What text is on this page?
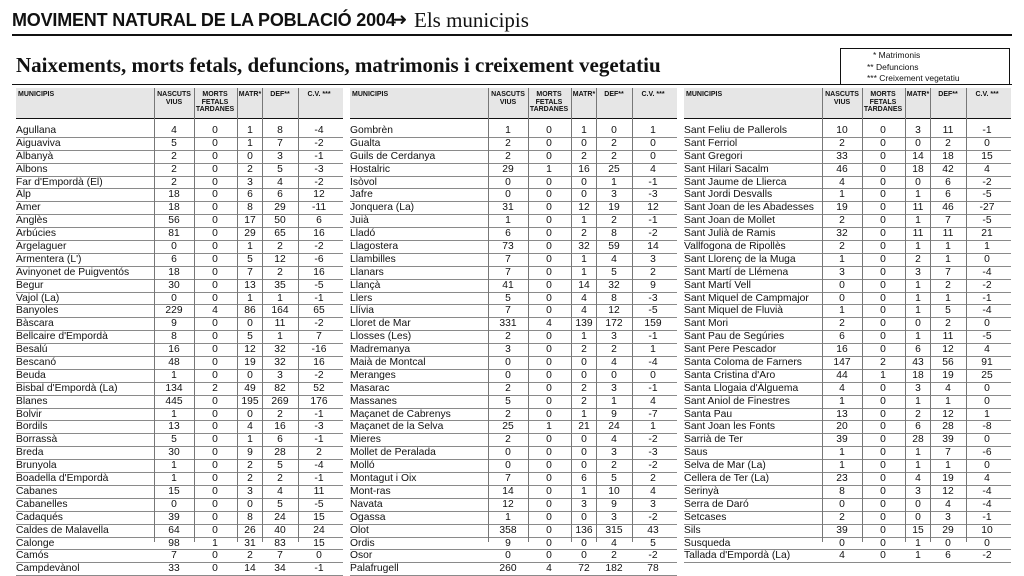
MOVIMENT NATURAL DE LA POBLACIÓ 2004
➜ Els municipis
Naixements, morts fetals, defuncions, matrimonis i creixement vegetatiu	* Matrimonis
** Defuncions
*** Creixement vegetatiu
MUNICIPIS	NASCUTS
VIUS
MORTS
FETALS
TARDANES
MATR*	DEF**	C.V. ***
Agullana	4	0	1	8	-4
Aiguaviva	5	0	1	7	-2
Albanyà	2	0	0	3	-1
Albons	2	0	2	5	-3
Far d'Empordà (El)	2	0	3	4	-2
Alp	18	0	6	6	12
Amer	18	0	8	29	-11
Anglès	56	0	17	50	6
Arbúcies	81	0	29	65	16
Argelaguer	0	0	1	2	-2
Armentera (L')	6	0	5	12	-6
Avinyonet de Puigventós	18	0	7	2	16
Begur	30	0	13	35	-5
Vajol (La)	0	0	1	1	-1
Banyoles	229	4	86	164	65
Bàscara	9	0	0	11	-2
Bellcaire d'Empordà	8	0	5	1	7
Besalú	16	0	12	32	-16
Bescanó	48	0	19	32	16
Beuda	1	0	0	3	-2
Bisbal d'Empordà (La)	134	2	49	82	52
Blanes	445	0	195	269	176
Bolvir	1	0	0	2	-1
Bordils	13	0	4	16	-3
Borrassà	5	0	1	6	-1
Breda	30	0	9	28	2
Brunyola	1	0	2	5	-4
Boadella d'Empordà	1	0	2	2	-1
Cabanes	15	0	3	4	11
Cabanelles	0	0	0	5	-5
Cadaqués	39	0	8	24	15
Caldes de Malavella	64	0	26	40	24
Calonge	98	1	31	83	15
Camós	7	0	2	7	0
Campdevànol	33	0	14	34	-1
MUNICIPIS	NASCUTS
VIUS
MORTS
FETALS
TARDANES
MATR*	DEF**	C.V. ***
Gombrèn	1	0	1	0	1
Gualta	2	0	0	2	0
Guils de Cerdanya	2	0	2	2	0
Hostalric	29	1	16	25	4
Isòvol	0	0	0	1	-1
Jafre	0	0	0	3	-3
Jonquera (La)	31	0	12	19	12
Juià	1	0	1	2	-1
Lladó	6	0	2	8	-2
Llagostera	73	0	32	59	14
Llambilles	7	0	1	4	3
Llanars	7	0	1	5	2
Llançà	41	0	14	32	9
Llers	5	0	4	8	-3
Llívia	7	0	4	12	-5
Lloret de Mar	331	4	139	172	159
Llosses (Les)	2	0	1	3	-1
Madremanya	3	0	2	2	1
Maià de Montcal	0	0	0	4	-4
Meranges	0	0	0	0	0
Masarac	2	0	2	3	-1
Massanes	5	0	2	1	4
Maçanet de Cabrenys	2	0	1	9	-7
Maçanet de la Selva	25	1	21	24	1
Mieres	2	0	0	4	-2
Mollet de Peralada	0	0	0	3	-3
Molló	0	0	0	2	-2
Montagut i Oix	7	0	6	5	2
Mont-ras	14	0	1	10	4
Navata	12	0	3	9	3
Ogassa	1	0	0	3	-2
Olot	358	0	136	315	43
Ordis	9	0	0	4	5
Osor	0	0	0	2	-2
Palafrugell	260	4	72	182	78
MUNICIPIS	NASCUTS
VIUS
MORTS
FETALS
TARDANES
MATR*	DEF**	C.V. ***
Sant Feliu de Pallerols	10	0	3	11	-1
Sant Ferriol	2	0	0	2	0
Sant Gregori	33	0	14	18	15
Sant Hilari Sacalm	46	0	18	42	4
Sant Jaume de Llierca	4	0	0	6	-2
Sant Jordi Desvalls	1	0	1	6	-5
Sant Joan de les Abadesses	19	0	11	46	-27
Sant Joan de Mollet	2	0	1	7	-5
Sant Julià de Ramis	32	0	11	11	21
Vallfogona de Ripollès	2	0	1	1	1
Sant Llorenç de la Muga	1	0	2	1	0
Sant Martí de Llémena	3	0	3	7	-4
Sant Martí Vell	0	0	1	2	-2
Sant Miquel de Campmajor	0	0	1	1	-1
Sant Miquel de Fluvià	1	0	1	5	-4
Sant Mori	2	0	0	2	0
Sant Pau de Segúries	6	0	1	11	-5
Sant Pere Pescador	16	0	6	12	4
Santa Coloma de Farners	147	2	43	56	91
Santa Cristina d'Aro	44	1	18	19	25
Santa Llogaia d'Àlguema	4	0	3	4	0
Sant Aniol de Finestres	1	0	1	1	0
Santa Pau	13	0	2	12	1
Sant Joan les Fonts	20	0	6	28	-8
Sarrià de Ter	39	0	28	39	0
Saus	1	0	1	7	-6
Selva de Mar (La)	1	0	1	1	0
Cellera de Ter (La)	23	0	4	19	4
Serinyà	8	0	3	12	-4
Serra de Daró	0	0	0	4	-4
Setcases	2	0	0	3	-1
Sils	39	0	15	29	10
Susqueda	0	0	1	0	0
Tallada d'Empordà (La)	4	0	1	6	-2
